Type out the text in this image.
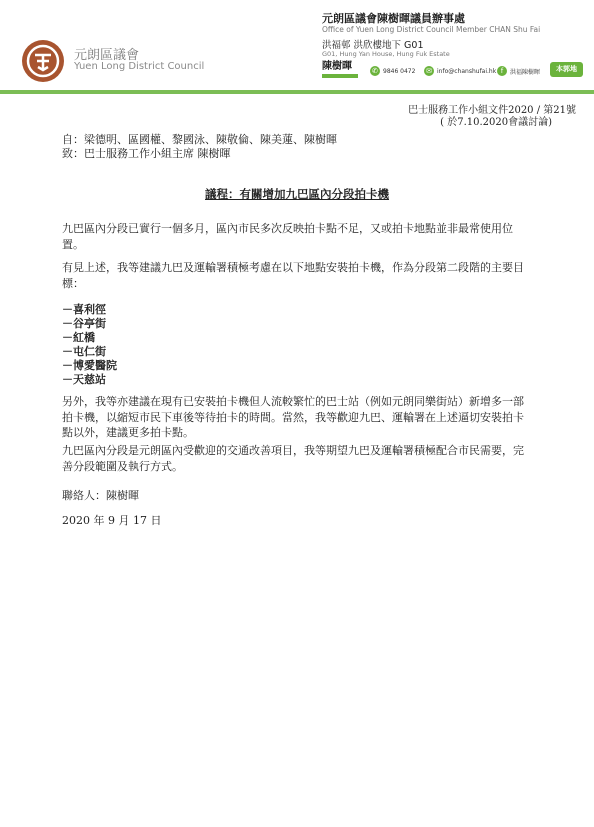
元朗區議會
Yuen Long District Council
元朗區議會陳樹暉議員辦事處
Office of Yuen Long District Council Member CHAN Shu Fai
洪福邨 洪欣樓地下 G01
G01, Hung Yan House, Hung Fuk Estate
陳樹暉	✆ 9846 0472 ✉ info@chanshufai.hk f	洪福陳樹暉	本郭地
巴士服務工作小組文件2020 / 第21號
( 於7.10.2020會議討論)
自：梁德明、區國權、黎國泳、陳敬倫、陳美蓮、陳樹暉
致：巴士服務工作小組主席 陳樹暉
議程：有關增加九巴區內分段拍卡機
九巴區內分段已實行一個多月，區內市民多次反映拍卡點不足，又或拍卡地點並非最常使用位置。
有見上述，我等建議九巴及運輸署積極考慮在以下地點安裝拍卡機，作為分段第二段階的主要目標：
－喜利徑
－谷亭街
－紅橋
－屯仁街
－博愛醫院
－天慈站
另外，我等亦建議在現有已安裝拍卡機但人流較繁忙的巴士站（例如元朗同樂街站）新增多一部拍卡機，以縮短市民下車後等待拍卡的時間。當然，我等歡迎九巴、運輸署在上述逼切安裝拍卡點以外，建議更多拍卡點。
九巴區內分段是元朗區內受歡迎的交通改善項目，我等期望九巴及運輸署積極配合市民需要，完善分段範圍及執行方式。
聯絡人：陳樹暉
2020 年 9 月 17 日
